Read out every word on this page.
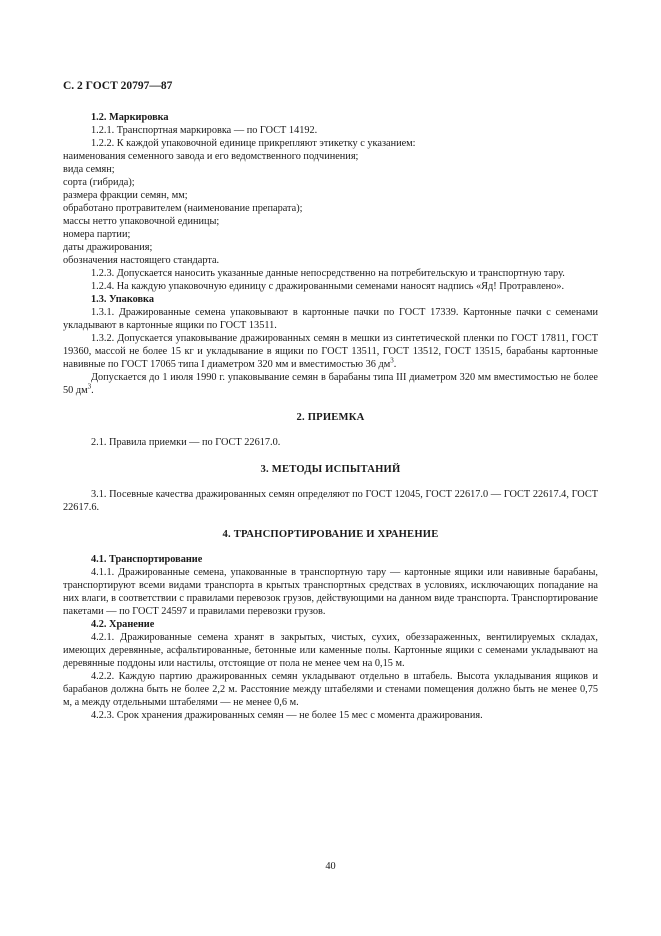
С. 2 ГОСТ 20797—87

1.2. Маркировка

1.2.1. Транспортная маркировка — по ГОСТ 14192.

1.2.2. К каждой упаковочной единице прикрепляют этикетку с указанием:

наименования семенного завода и его ведомственного подчинения;

вида семян;

сорта (гибрида);

размера фракции семян, мм;

обработано протравителем (наименование препарата);

массы нетто упаковочной единицы;

номера партии;

даты дражирования;

обозначения настоящего стандарта.

1.2.3. Допускается наносить указанные данные непосредственно на потребительскую и транспортную тару.

1.2.4. На каждую упаковочную единицу с дражированными семенами наносят надпись «Яд! Протравлено».

1.3. Упаковка

1.3.1. Дражированные семена упаковывают в картонные пачки по ГОСТ 17339. Картонные пачки с семенами укладывают в картонные ящики по ГОСТ 13511.

1.3.2. Допускается упаковывание дражированных семян в мешки из синтетической пленки по ГОСТ 17811, ГОСТ 19360, массой не более 15 кг и укладывание в ящики по ГОСТ 13511, ГОСТ 13512, ГОСТ 13515, барабаны картонные навивные по ГОСТ 17065 типа I диаметром 320 мм и вместимостью 36 $дм^3$.

Допускается до 1 июля 1990 г. упаковывание семян в барабаны типа III диаметром 320 мм вместимостью не более 50 $дм^3$.

2. ПРИЕМКА

2.1. Правила приемки — по ГОСТ 22617.0.

3. МЕТОДЫ ИСПЫТАНИЙ

3.1. Посевные качества дражированных семян определяют по ГОСТ 12045, ГОСТ 22617.0 — ГОСТ 22617.4, ГОСТ 22617.6.

4. ТРАНСПОРТИРОВАНИЕ И ХРАНЕНИЕ

4.1. Транспортирование

4.1.1. Дражированные семена, упакованные в транспортную тару — картонные ящики или навивные барабаны, транспортируют всеми видами транспорта в крытых транспортных средствах в условиях, исключающих попадание на них влаги, в соответствии с правилами перевозок грузов, действующими на данном виде транспорта. Транспортирование пакетами — по ГОСТ 24597 и правилами перевозки грузов.

4.2. Хранение

4.2.1. Дражированные семена хранят в закрытых, чистых, сухих, обеззараженных, вентилируемых складах, имеющих деревянные, асфальтированные, бетонные или каменные полы. Картонные ящики с семенами укладывают на деревянные поддоны или настилы, отстоящие от пола не менее чем на 0,15 м.

4.2.2. Каждую партию дражированных семян укладывают отдельно в штабель. Высота укладывания ящиков и барабанов должна быть не более 2,2 м. Расстояние между штабелями и стенами помещения должно быть не менее 0,75 м, а между отдельными штабелями — не менее 0,6 м.

4.2.3. Срок хранения дражированных семян — не более 15 мес с момента дражирования.

40
